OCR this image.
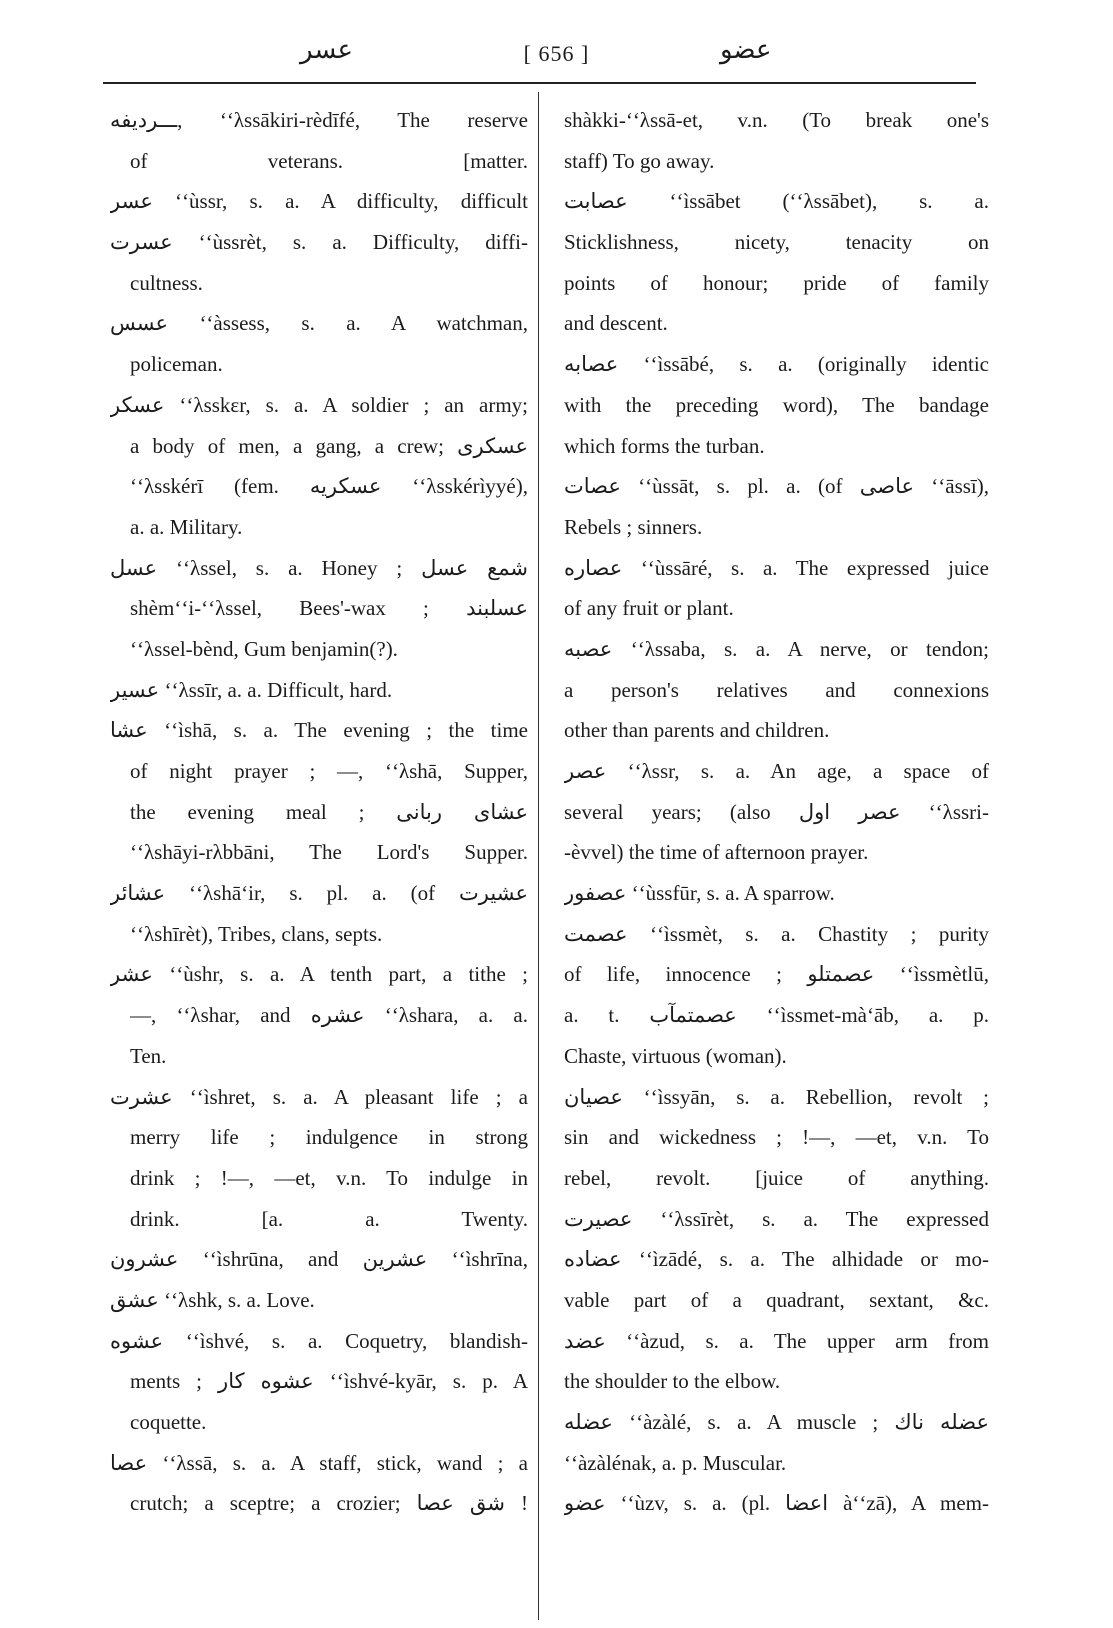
عسر	[ 656 ]	عضو
ـــرديفه, ʻʻλssākiri-rèdīfé, The reserve
of veterans. [matter.
عسر ʻʻùssr, s. a. A difficulty, difficult
عسرت ʻʻùssrèt, s. a. Difficulty, diffi-
cultness.
عسس ʻʻàssess, s. a. A watchman,
policeman.
عسكر ʻʻλsskεr, s. a. A soldier ; an army;
a body of men, a gang, a crew; عسكرى
ʻʻλsskérī (fem. عسكريه ʻʻλsskérìyyé),
a. a. Military.
عسل ʻʻλssel, s. a. Honey ; شمع عسل
shèmʻʻi-ʻʻλssel, Bees'-wax ; عسلبند
ʻʻλssel-bènd, Gum benjamin(?).
عسير ʻʻλssīr, a. a. Difficult, hard.
عشا ʻʻìshā, s. a. The evening ; the time
of night prayer ; —, ʻʻλshā, Supper,
the evening meal ; عشاى ربانى
ʻʻλshāyi-rλbbāni, The Lord's Supper.
عشائر ʻʻλshāʻir, s. pl. a. (of عشيرت
ʻʻλshīrèt), Tribes, clans, septs.
عشر ʻʻùshr, s. a. A tenth part, a tithe ;
—, ʻʻλshar, and عشره ʻʻλshara, a. a.
Ten.
عشرت ʻʻìshret, s. a. A pleasant life ; a
merry life ; indulgence in strong
drink ; !—, —et, v.n. To indulge in
drink. [a. a. Twenty.
عشرون ʻʻìshrūna, and عشرين ʻʻìshrīna,
عشق ʻʻλshk, s. a. Love.
عشوه ʻʻìshvé, s. a. Coquetry, blandish-
ments ; عشوه كار ʻʻìshvé-kyār, s. p. A
coquette.
عصا ʻʻλssā, s. a. A staff, stick, wand ; a
crutch; a sceptre; a crozier; شق عصا !
shàkki-ʻʻλssā-et, v.n. (To break one's
staff) To go away.
عصابت ʻʻìssābet (ʻʻλssābet), s. a.
Sticklishness, nicety, tenacity on
points of honour; pride of family
and descent.
عصابه ʻʻìssābé, s. a. (originally identic
with the preceding word), The bandage
which forms the turban.
عصات ʻʻùssāt, s. pl. a. (of عاصى ʻʻāssī),
Rebels ; sinners.
عصاره ʻʻùssāré, s. a. The expressed juice
of any fruit or plant.
عصبه ʻʻλssaba, s. a. A nerve, or tendon;
a person's relatives and connexions
other than parents and children.
عصر ʻʻλssr, s. a. An age, a space of
several years; (also عصر اول ʻʻλssri-
-èvvel) the time of afternoon prayer.
عصفور ʻʻùssfūr, s. a. A sparrow.
عصمت ʻʻìssmèt, s. a. Chastity ; purity
of life, innocence ; عصمتلو ʻʻìssmètlū,
a. t. عصمتمآب ʻʻìssmet-màʻāb, a. p.
Chaste, virtuous (woman).
عصيان ʻʻìssyān, s. a. Rebellion, revolt ;
sin and wickedness ; !—, —et, v.n. To
rebel, revolt. [juice of anything.
عصيرت ʻʻλssīrèt, s. a. The expressed
عضاده ʻʻìzādé, s. a. The alhidade or mo-
vable part of a quadrant, sextant, &c.
عضد ʻʻàzud, s. a. The upper arm from
the shoulder to the elbow.
عضله ʻʻàzàlé, s. a. A muscle ; عضله ناك
ʻʻàzàlénak, a. p. Muscular.
عضو ʻʻùzv, s. a. (pl. اعضا àʻʻzā), A mem-
